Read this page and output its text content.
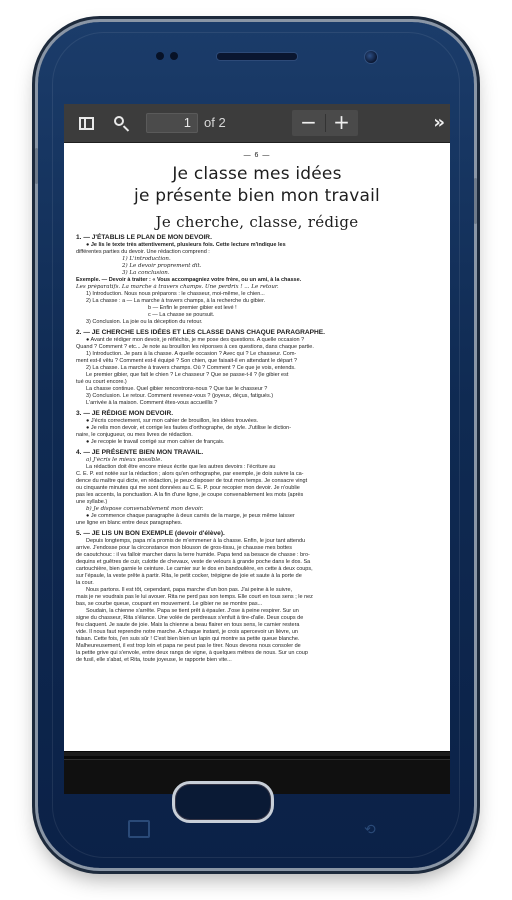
1	of 2	− +	»
— 6 —
Je classe mes idées
je présente bien mon travail
Je cherche, classe, rédige
1. — J'ÉTABLIS LE PLAN DE MON DEVOIR.
● Je lis le texte très attentivement, plusieurs fois. Cette lecture m'indique les
différentes parties du devoir. Une rédaction comprend :
1) L'introduction.
2) Le devoir proprement dit.
3) La conclusion.
Exemple. — Devoir à traiter : « Vous accompagniez votre frère, ou un ami, à la chasse.
Les préparatifs. La marche à travers champs. Une perdrix ! ... Le retour.
1) Introduction. Nous nous préparons : le chasseur, moi-même, le chien...
2) La chasse : a — La marche à travers champs, à la recherche du gibier.
b — Enfin le premier gibier est levé !
c — La chasse se poursuit.
3) Conclusion. La joie ou la déception du retour.
2. — JE CHERCHE LES IDÉES ET LES CLASSE DANS CHAQUE PARAGRAPHE.
● Avant de rédiger mon devoir, je réfléchis, je me pose des questions. A quelle occasion ?
Quand ? Comment ? etc... Je note au brouillon les réponses à ces questions, dans chaque partie.
1) Introduction. Je pars à la chasse. A quelle occasion ? Avec qui ? Le chasseur. Com-
ment est-il vêtu ? Comment est-il équipé ? Son chien, que faisait-il en attendant le départ ?
2) La chasse. La marche à travers champs. Où ? Comment ? Ce que je vois, entends.
Le premier gibier, que fait le chien ? Le chasseur ? Que se passe-t-il ? (le gibier est
tué ou court encore.)
La chasse continue. Quel gibier rencontrons-nous ? Que tue le chasseur ?
3) Conclusion. Le retour. Comment revenez-vous ? (joyeux, déçus, fatigués.)
L'arrivée à la maison. Comment êtes-vous accueillis ?
3. — JE RÉDIGE MON DEVOIR.
● J'écris correctement, sur mon cahier de brouillon, les idées trouvées.
● Je relis mon devoir, et corrige les fautes d'orthographe, de style. J'utilise le diction-
naire, le conjugueur, ou mes livres de rédaction.
● Je recopie le travail corrigé sur mon cahier de français.
4. — JE PRÉSENTE BIEN MON TRAVAIL.
a) J'écris le mieux possible.
La rédaction doit être encore mieux écrite que les autres devoirs : l'écriture au
C. E. P. est notée sur la rédaction ; alors qu'en orthographe, par exemple, je dois suivre la ca-
dence du maître qui dicte, en rédaction, je peux disposer de tout mon temps. Je consacre vingt
ou cinquante minutes qui me sont données au C. E. P. pour recopier mon devoir. Je n'oublie
pas les accents, la ponctuation. A la fin d'une ligne, je coupe convenablement les mots (après
une syllabe.)
b) Je dispose convenablement mon devoir.
● Je commence chaque paragraphe à deux carrés de la marge, je peux même laisser
une ligne en blanc entre deux paragraphes.
5. — JE LIS UN BON EXEMPLE (devoir d'élève).
Depuis longtemps, papa m'a promis de m'emmener à la chasse. Enfin, le jour tant attendu
arrive. J'endosse pour la circonstance mon blouson de gros-tissu, je chausse mes bottes
de caoutchouc : il va falloir marcher dans la terre humide. Papa tend sa besace de chasse : bro-
dequins et guêtres de cuir, culotte de chevaux, veste de velours à grande poche dans le dos. Sa
cartouchière, bien garnie le ceinture. Le carnier sur le dos en bandoulière, en cette à deux coups,
sur l'épaule, la veste prête à partir. Rita, le petit cocker, trépigne de joie et saute à la porte de
la cour.
Nous partons. Il est tôt, cependant, papa marche d'un bon pas. J'ai peine à le suivre,
mais je ne voudrais pas le lui avouer. Rita ne perd pas son temps. Elle court en tous sens ; le nez
bas, se courbe queue, coupant en mouvement. Le gibier ne se montre pas...
Soudain, la chienne s'arrête. Papa se tient prêt à épauler. J'ose à peine respirer. Sur un
signe du chasseur, Rita s'élance. Une volée de perdreaux s'enfuit à tire-d'aile. Deux coups de
feu claquent. Je saute de joie. Mais la chienne a beau flairer en tous sens, le carnier restera
vide. Il nous faut reprendre notre marche. A chaque instant, je crois apercevoir un lièvre, un
faisan. Cette fois, j'en suis sûr ! C'est bien bien un lapin qui montre sa petite queue blanche.
Malheureusement, il est trop loin et papa ne peut pas le tirer. Nous devons nous consoler de
la petite grive qui s'envole, entre deux rangs de vigne, à quelques mètres de nous. Sur un coup
de fusil, elle s'abat, et Rita, toute joyeuse, le rapporte bien vite...
⟲
